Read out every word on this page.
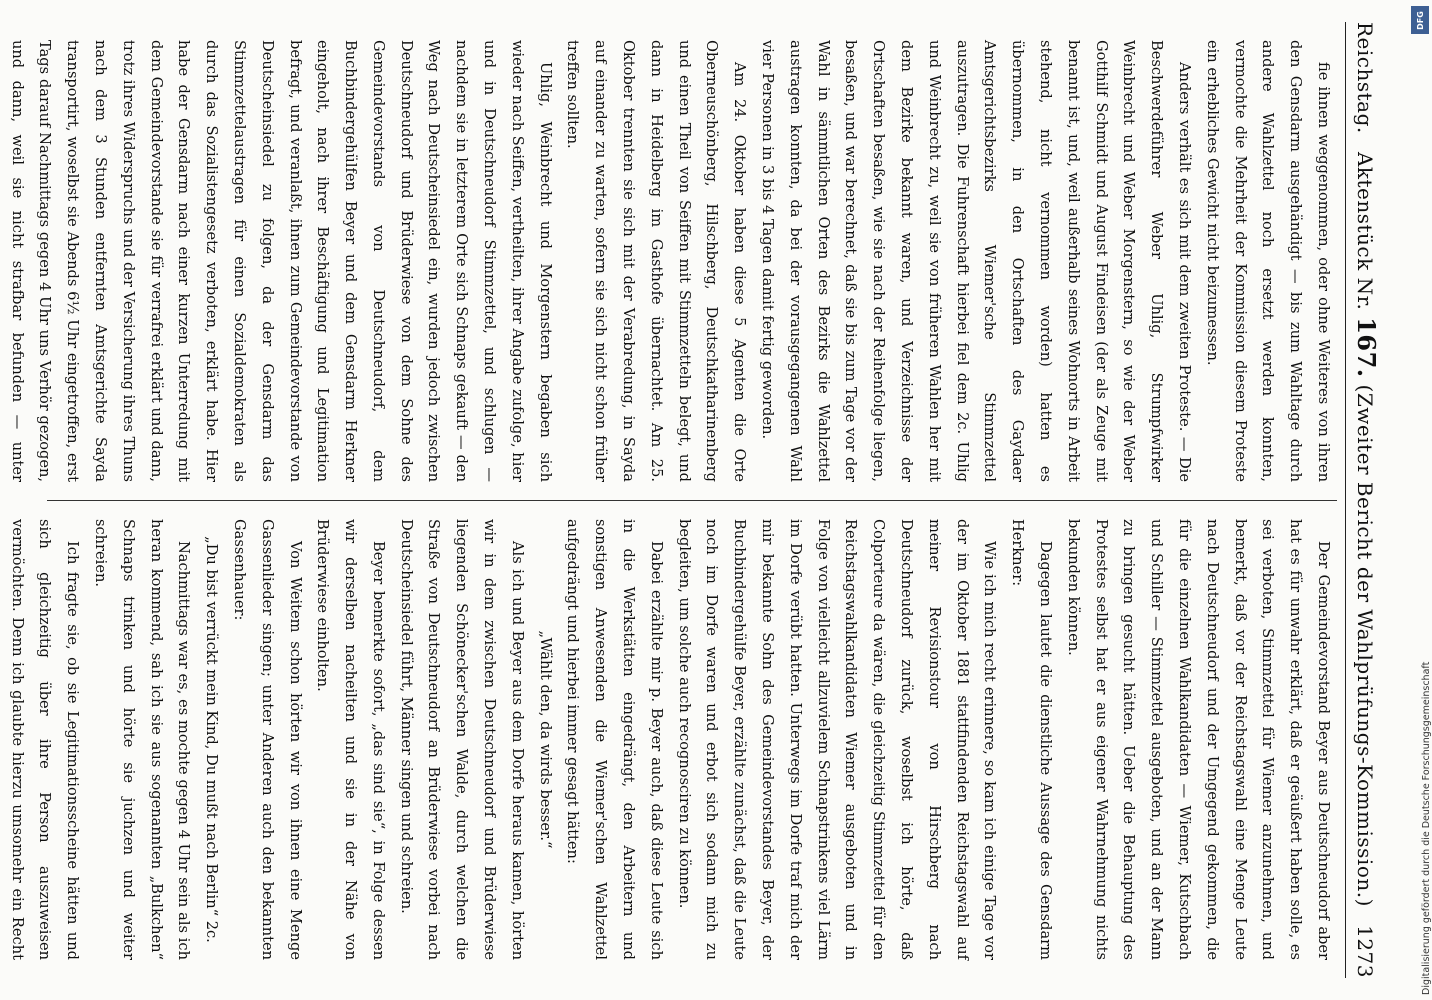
Reichstag.
Aktenstück Nr. 167. (Zweiter Bericht der Wahlprüfungs-Kommission.)
1273

fie ihnen weggenommen, oder ohne Weiteres von ihren den Gensdarm ausgehändigt — bis zum Wahltage durch andere Wahlzettel noch ersetzt werden konnten, vermochte die Mehrheit der Kommission diesem Proteste ein erhebliches Gewicht nicht beizumessen.

Anders verhält es sich mit dem zweiten Proteste. — Die Beschwerdeführer Weber Uhlig, Strumpfwirker Weinbrecht und Weber Morgenstern, so wie der Weber Gotthilf Schmidt und August Findeisen (der als Zeuge mit benannt ist, und, weil außerhalb seines Wohnorts in Arbeit stehend, nicht vernommen worden) hatten es übernommen, in den Ortschaften des Gaydaer Amtsgerichtsbezirks Wiemer'sche Stimmzettel auszutragen. Die Fuhrenschaft hierbei fiel dem 2c. Uhlig und Weinbrecht zu, weil sie von früheren Wahlen her mit dem Bezirke bekannt waren, und Verzeichnisse der Ortschaften besaßen, wie sie nach der Reihenfolge liegen, besaßen, und war berechnet, daß sie bis zum Tage vor der Wahl in sämmtlichen Orten des Bezirks die Wahlzettel austragen konnten, da bei der vorausgegangenen Wahl vier Personen in 3 bis 4 Tagen damit fertig geworden.

Am 24. Oktober haben diese 5 Agenten die Orte Oberneuschönberg, Hilschberg, Deutschkatharinenberg und einen Theil von Seiffen mit Stimmzetteln belegt, und dann in Heidelberg im Gasthofe übernachtet. Am 25. Oktober trennten sie sich mit der Verabredung, in Sayda auf einander zu warten, sofern sie sich nicht schon früher treffen sollten.

Uhlig, Weinbrecht und Morgenstern begaben sich wieder nach Seiffen, vertheilten, ihrer Angabe zufolge, hier und in Deutschneudorf Stimmzettel, und schlugen — nachdem sie in letzterem Orte sich Schnaps gekauft — den Weg nach Deutscheinsiedel ein, wurden jedoch zwischen Deutschneudorf und Brüderwiese von dem Sohne des Gemeindevorstands von Deutschneudorf, dem Buchbindergehülfen Beyer und dem Gensdarm Herkner eingeholt, nach ihrer Beschäftigung und Legitimation befragt, und veranlaßt, ihnen zum Gemeindevorstande von Deutscheinsiedel zu folgen, da der Gensdarm das Stimmzettelaustragen für einen Sozialdemokraten als durch das Sozialistengesetz verboten, erklärt habe. Hier habe der Gensdarm nach einer kurzen Unterredung mit dem Gemeindevorstande sie für verrafrei erklärt und dann, trotz ihres Widerspruchs und der Versicherung ihres Thuns nach dem 3 Stunden entfernten Amtsgerichte Sayda transportirt, woselbst sie Abends 6½ Uhr eingetroffen, erst Tags darauf Nachmittags gegen 4 Uhr uns Verhör gezogen, und dann, weil sie nicht strafbar befunden — unter

Der Gemeindevorstand Beyer aus Deutschneudorf aber hat es für unwahr erklärt, daß er geäußert haben solle, es sei verboten, Stimmzettel für Wiemer anzunehmen, und bemerkt, daß vor der Reichstagswahl eine Menge Leute nach Deutschneudorf und der Umgegend gekommen, die für die einzelnen Wahlkandidaten — Wiemer, Kutschbach und Schiller — Stimmzettel ausgeboten, und an der Mann zu bringen gesucht hätten. Ueber die Behauptung des Protestes selbst hat er aus eigener Wahrnehmung nichts bekunden können.

Dagegen lautet die dienstliche Aussage des Gensdarm Herkner:

Wie ich mich recht erinnere, so kam ich einige Tage vor der im Oktober 1881 stattfindenden Reichstagswahl auf meiner Revisionstour von Hirschberg nach Deutschneudorf zurück, woselbst ich hörte, daß Colporteure da wären, die gleichzeitig Stimmzettel für den Reichstagswahlkandidaten Wiemer ausgeboten und in Folge von vielleicht allzuvielem Schnapstrinkens viel Lärm im Dorfe verübt hatten. Unterwegs im Dorfe traf mich der mir bekannte Sohn des Gemeindevorstandes Beyer, der Buchbindergehülfe Beyer, erzählte zunächst, daß die Leute noch im Dorfe waren und erbot sich sodann mich zu begleiten, um solche auch recognosciren zu können.

Dabei erzählte mir p. Beyer auch, daß diese Leute sich in die Werkstätten eingedrängt, den Arbeitern und sonstigen Anwesenden die Wiemer'schen Wahlzettel aufgedrängt und hierbei immer gesagt hätten:

„Wählt den, da wirds besser.“

Als ich und Beyer aus dem Dorfe heraus kamen, hörten wir in dem zwischen Deutschneudorf und Brüderwiese liegenden Schönecker'schen Walde, durch welchen die Straße von Deutschneudorf an Brüderwiese vorbei nach Deutscheinsiedel führt, Männer singen und schreien.

Beyer bemerkte sofort, „das sind sie“, in Folge dessen wir derselben nacheilten und sie in der Nähe von Brüderwiese einholten.

Von Weitem schon hörten wir von ihnen eine Menge Gassenlieder singen; unter Anderen auch den bekannten Gassenhauer:

„Du bist verrückt mein Kind, Du mußt nach Berlin“ 2c.

Nachmittags war es, es mochte gegen 4 Uhr sein als ich heran kommend, sah ich sie aus sogenannten „Bulkchen“ Schnaps trinken und hörte sie juchzen und weiter schreien.

Ich fragte sie, ob sie Legitimationsscheine hätten und sich gleichzeitig über ihre Person auszuweisen vermöchten. Denn ich glaubte hierzu umsomehr ein Recht

DFG
Digitalisierung gefördert durch die Deutsche Forschungsgemeinschaft
